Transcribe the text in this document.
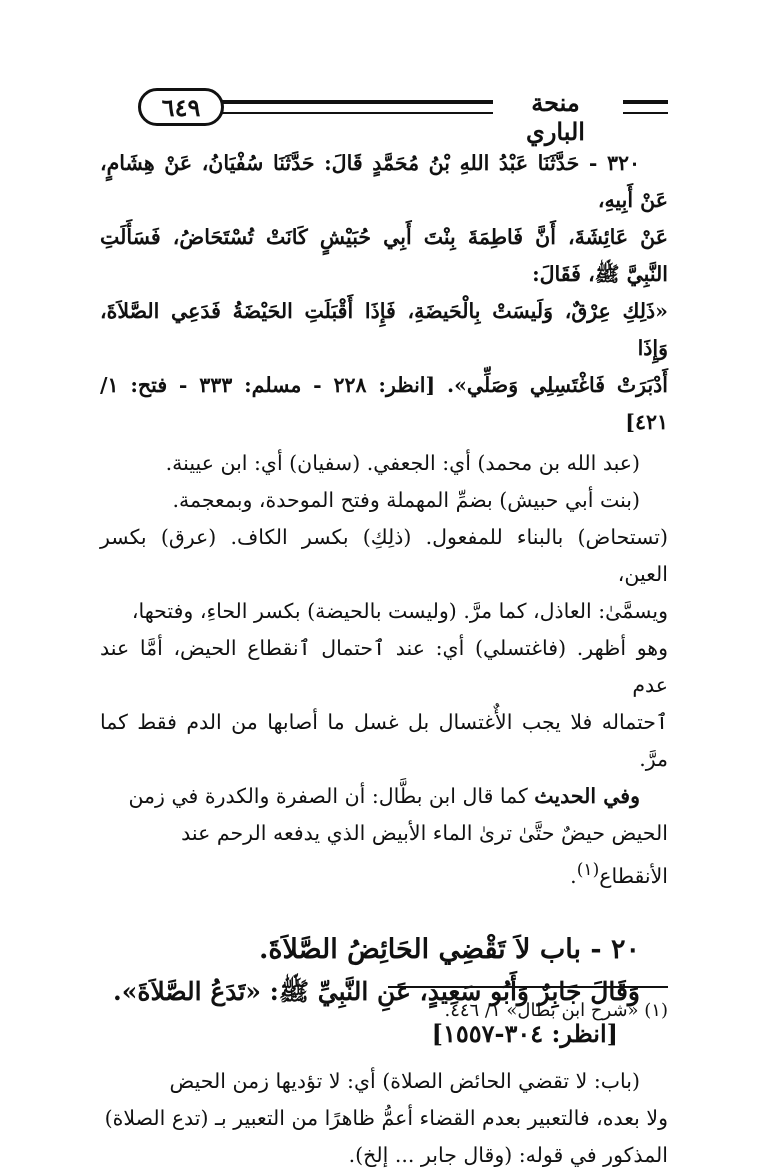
٦٤٩	منحة الباري

٣٢٠ - حَدَّثَنَا عَبْدُ اللهِ بْنُ مُحَمَّدٍ قَالَ: حَدَّثَنَا سُفْيَانُ، عَنْ هِشَامٍ، عَنْ أَبِيهِ،

عَنْ عَائِشَةَ، أَنَّ فَاطِمَةَ بِنْتَ أَبِي حُبَيْشٍ كَانَتْ تُسْتَحَاضُ، فَسَأَلَتِ النَّبِيَّ ﷺ، فَقَالَ:

«ذَلِكِ عِرْقٌ، وَلَيسَتْ بِالْحَيضَةِ، فَإِذَا أَقْبَلَتِ الحَيْضَةُ فَدَعِي الصَّلاَةَ، وَإِذَا

أَدْبَرَتْ فَاغْتَسِلِي وَصَلِّي». [انظر: ٢٢٨ - مسلم: ٣٣٣ - فتح: ١/ ٤٢١]

(عبد الله بن محمد) أي: الجعفي. (سفيان) أي: ابن عيينة.

(بنت أبي حبيش) بضمِّ المهملة وفتح الموحدة، وبمعجمة.

(تستحاض) بالبناء للمفعول. (ذلِكِ) بكسر الكاف. (عرق) بكسر العين،

ويسمَّىٰ: العاذل، كما مرَّ. (وليست بالحيضة) بكسر الحاءِ، وفتحها،

وهو أظهر. (فاغتسلي) أي: عند ٱحتمال ٱنقطاع الحيض، أمَّا عند عدم

ٱحتماله فلا يجب الأٌغتسال بل غسل ما أصابها من الدم فقط كما مرَّ.

وفي الحديث كما قال ابن بطَّال: أن الصفرة والكدرة في زمن

الحيض حيضٌ حتَّىٰ ترىٰ الماء الأبيض الذي يدفعه الرحم عند

الأنقطاع$^{(١)}$.

٢٠ - باب لاَ تَقْضِي الحَائِضُ الصَّلاَةَ.

وَقَالَ جَابِرٌ وَأَبُو سَعِيدٍ، عَنِ النَّبِيِّ ﷺ: «تَدَعُ الصَّلاَةَ».

[انظر: ٣٠٤-١٥٥٧]

(باب: لا تقضي الحائض الصلاة) أي: لا تؤديها زمن الحيض

ولا بعده، فالتعبير بعدم القضاء أعمُّ ظاهرًا من التعبير بـ (تدع الصلاة)

المذكور في قوله: (وقال جابر ... إلخ).

(١) «شرح ابن بطال» ١/ ٤٤٦.
